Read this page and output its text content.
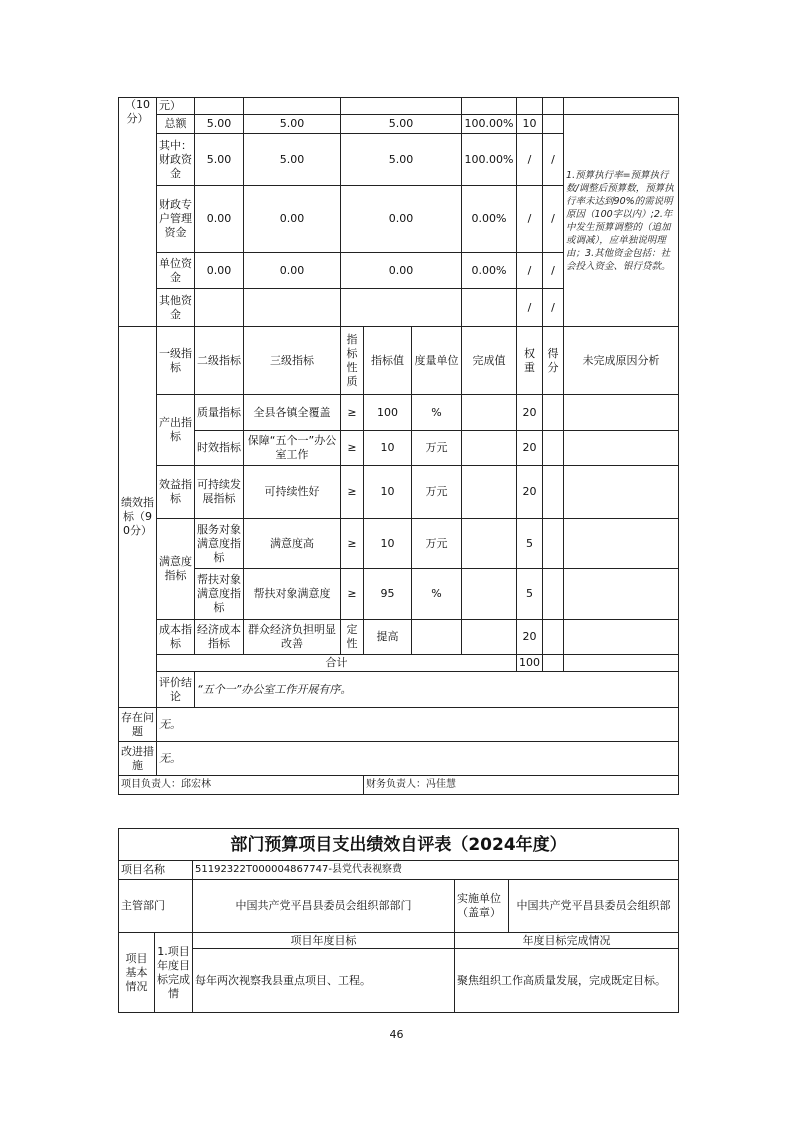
（10分）	元）									
	总额	5.00	5.00	5.00			100.00%	10		1.预算执行率=预算执行数/调整后预算数，预算执行率未达到90%的需说明原因（100字以内）;2.年中发生预算调整的（追加或调减），应单独说明理由；3.其他资金包括：社会投入资金、银行贷款。
	其中：财政资金	5.00	5.00	5.00			100.00%	/	/	
	财政专户管理资金	0.00	0.00	0.00			0.00%	/	/	
	单位资金	0.00	0.00	0.00			0.00%	/	/	
	其他资金							/	/	
绩效指标（90分）	一级指标	二级指标	三级指标	指标性质	指标值	度量单位	完成值	权重	得分	未完成原因分析
	产出指标	质量指标	全县各镇全覆盖	≥	100	%		20		
		时效指标	保障“五个一”办公室工作	≥	10	万元		20		
	效益指标	可持续发展指标	可持续性好	≥	10	万元		20		
	满意度指标	服务对象满意度指标	满意度高	≥	10	万元		5		
		帮扶对象满意度指标	帮扶对象满意度	≥	95	%		5		
	成本指标	经济成本指标	群众经济负担明显改善	定性	提高			20		
	合计							100		
	评价结论	“五个一”办公室工作开展有序。								
存在问题	无。									
改进措施	无。									
项目负责人：邱宏林					财务负责人：冯佳慧					
部门预算项目支出绩效自评表（2024年度）				
项目名称		51192322T000004867747-县党代表视察费		
主管部门		中国共产党平昌县委员会组织部部门	实施单位（盖章）	中国共产党平昌县委员会组织部
项目基本情况	1.项目年度目标完成情	项目年度目标	年度目标完成情况	
		每年两次视察我县重点项目、工程。	聚焦组织工作高质量发展，完成既定目标。	
46
